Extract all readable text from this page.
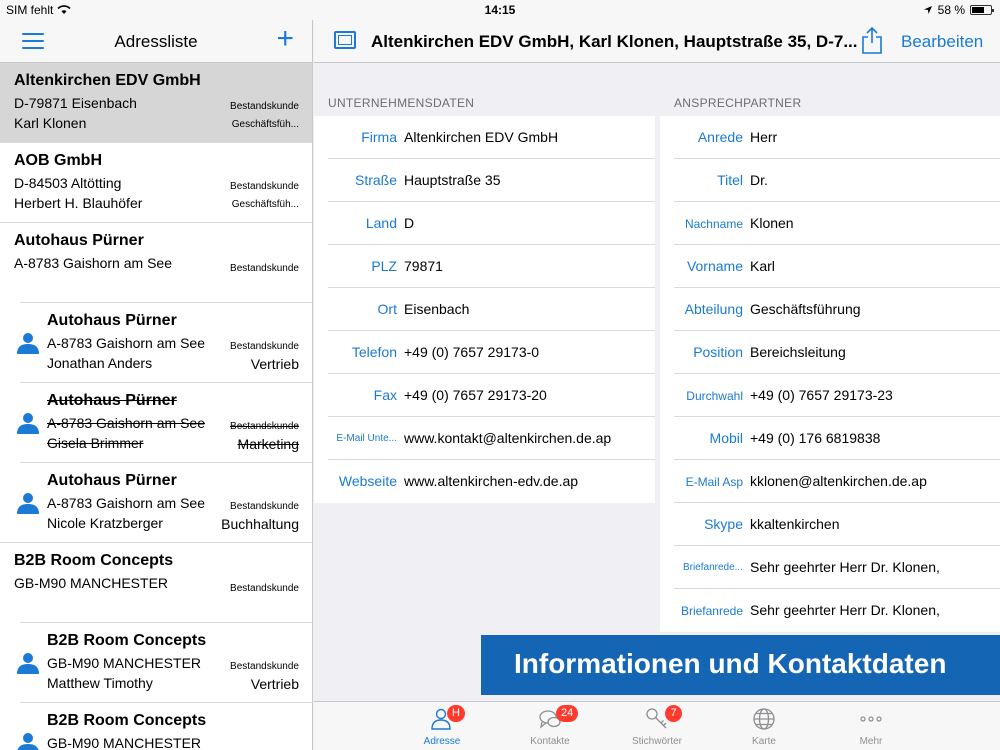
SIM fehlt	14:15	58 %
Adressliste	+
Altenkirchen EDV GmbH
D-79871 Eisenbach
Karl Klonen
Bestandskunde
Geschäftsfüh...
AOB GmbH
D-84503 Altötting
Herbert H. Blauhöfer
Bestandskunde
Geschäftsfüh...
Autohaus Pürner
A-8783 Gaishorn am See	Bestandskunde
Autohaus Pürner
A-8783 Gaishorn am See
Jonathan Anders
Bestandskunde
Vertrieb
Autohaus Pürner
A-8783 Gaishorn am See
Gisela Brimmer
Bestandskunde
Marketing
Autohaus Pürner
A-8783 Gaishorn am See
Nicole Kratzberger
Bestandskunde
Buchhaltung
B2B Room Concepts
GB-M90 MANCHESTER	Bestandskunde
B2B Room Concepts
GB-M90 MANCHESTER
Matthew Timothy
Bestandskunde
Vertrieb
B2B Room Concepts
GB-M90 MANCHESTER
Altenkirchen EDV GmbH, Karl Klonen, Hauptstraße 35, D-7...	Bearbeiten
UNTERNEHMENSDATEN	ANSPRECHPARTNER
Firma Altenkirchen EDV GmbH
Straße Hauptstraße 35
Land D
PLZ 79871
Ort Eisenbach
Telefon +49 (0) 7657 29173-0
Fax +49 (0) 7657 29173-20
E-Mail Unte... www.kontakt@altenkirchen.de.ap
Webseite www.altenkirchen-edv.de.ap
Anrede Herr
Titel Dr.
Nachname Klonen
Vorname Karl
Abteilung Geschäftsführung
Position Bereichsleitung
Durchwahl +49 (0) 7657 29173-23
Mobil +49 (0) 176 6819838
E-Mail Asp kklonen@altenkirchen.de.ap
Skype kkaltenkirchen
Briefanrede... Sehr geehrter Herr Dr. Klonen,
Briefanrede Sehr geehrter Herr Dr. Klonen,
Informationen und Kontaktdaten
H
Adresse
24
Kontakte
7
Stichwörter	Karte	Mehr
